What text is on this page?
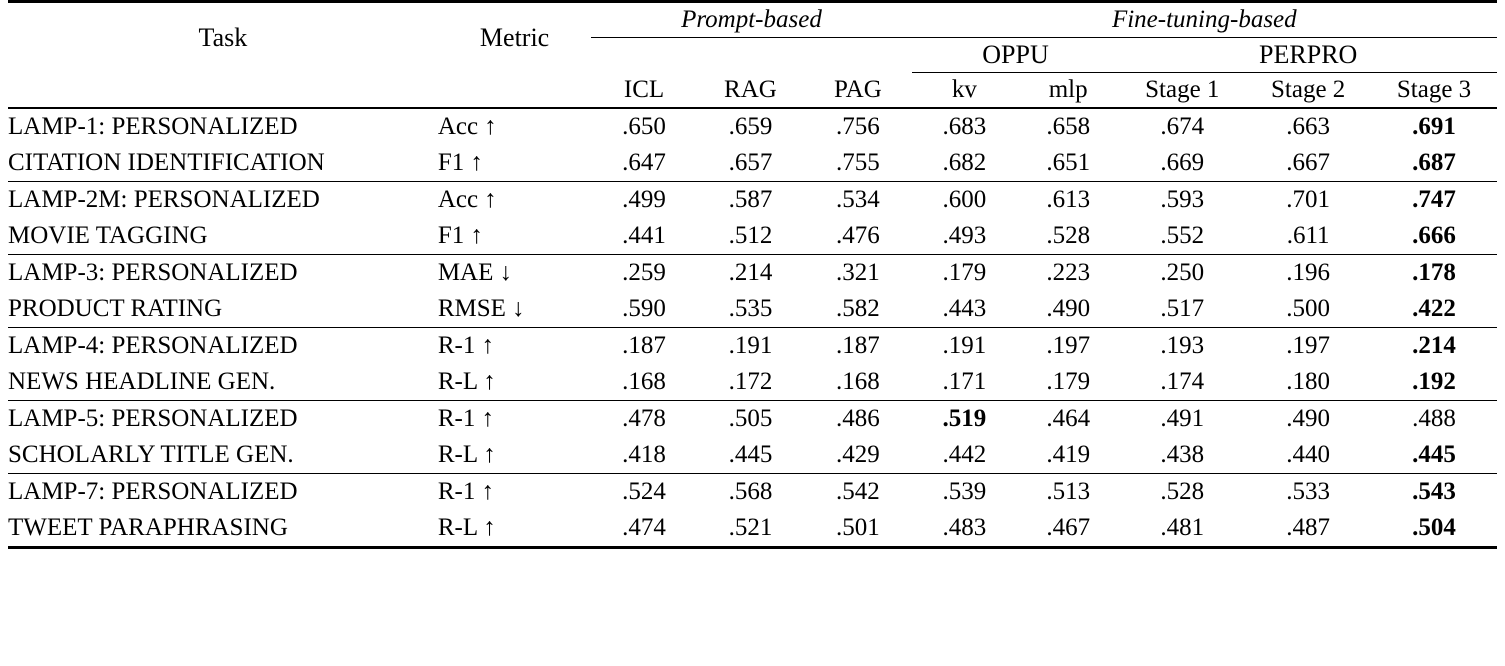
Task	Metric	Prompt-based			Fine-tuning-based				
					OPPU		PERPRO		
		ICL	RAG	PAG	kv	mlp	Stage 1	Stage 2	Stage 3

LAMP-1: PERSONALIZED	Acc ↑	.650	.659	.756	.683	.658	.674	.663	.691
CITATION IDENTIFICATION	F1 ↑	.647	.657	.755	.682	.651	.669	.667	.687

LAMP-2M: PERSONALIZED	Acc ↑	.499	.587	.534	.600	.613	.593	.701	.747
MOVIE TAGGING	F1 ↑	.441	.512	.476	.493	.528	.552	.611	.666

LAMP-3: PERSONALIZED	MAE ↓	.259	.214	.321	.179	.223	.250	.196	.178
PRODUCT RATING	RMSE ↓	.590	.535	.582	.443	.490	.517	.500	.422

LAMP-4: PERSONALIZED	R-1 ↑	.187	.191	.187	.191	.197	.193	.197	.214
NEWS HEADLINE GEN.	R-L ↑	.168	.172	.168	.171	.179	.174	.180	.192

LAMP-5: PERSONALIZED	R-1 ↑	.478	.505	.486	.519	.464	.491	.490	.488
SCHOLARLY TITLE GEN.	R-L ↑	.418	.445	.429	.442	.419	.438	.440	.445

LAMP-7: PERSONALIZED	R-1 ↑	.524	.568	.542	.539	.513	.528	.533	.543
TWEET PARAPHRASING	R-L ↑	.474	.521	.501	.483	.467	.481	.487	.504
